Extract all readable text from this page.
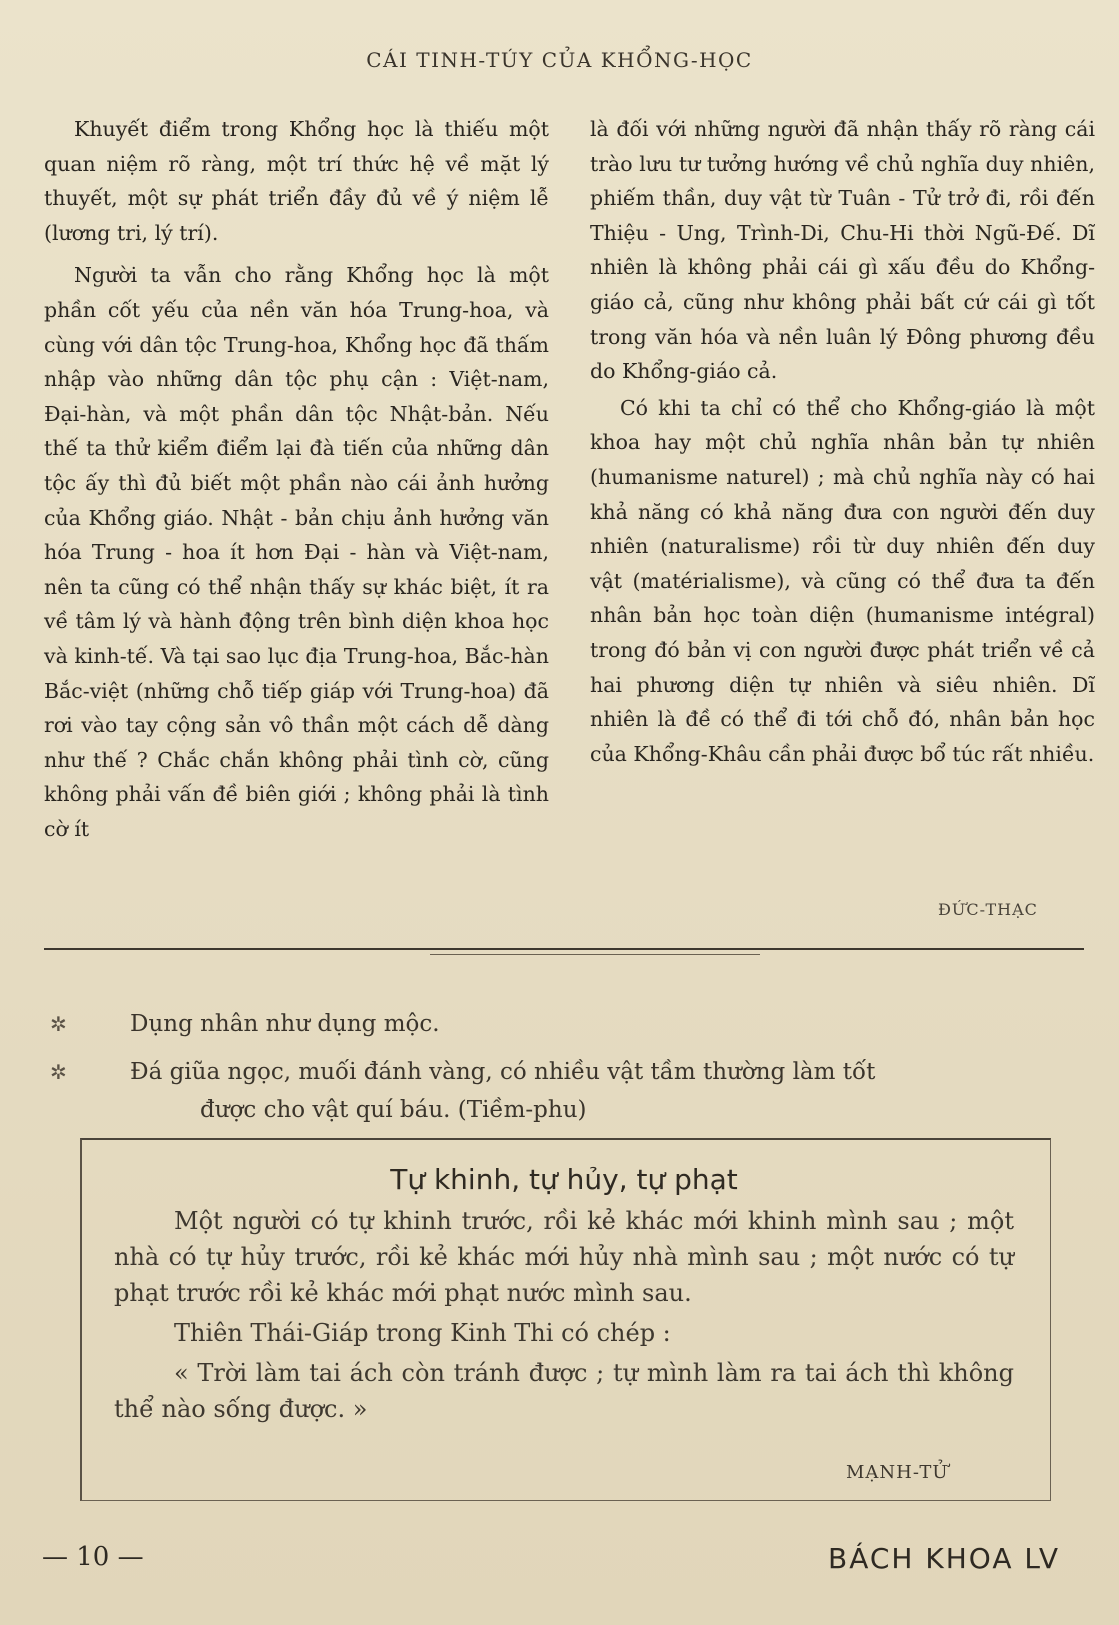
CÁI TINH-TÚY CỦA KHỔNG-HỌC

Khuyết điểm trong Khổng học là thiếu một quan niệm rõ ràng, một trí thức hệ về mặt lý thuyết, một sự phát triển đầy đủ về ý niệm lễ (lương tri, lý trí).

Người ta vẫn cho rằng Khổng học là một phần cốt yếu của nền văn hóa Trung-hoa, và cùng với dân tộc Trung-hoa, Khổng học đã thấm nhập vào những dân tộc phụ cận : Việt-nam, Đại-hàn, và một phần dân tộc Nhật-bản. Nếu thế ta thử kiểm điểm lại đà tiến của những dân tộc ấy thì đủ biết một phần nào cái ảnh hưởng của Khổng giáo. Nhật - bản chịu ảnh hưởng văn hóa Trung - hoa ít hơn Đại - hàn và Việt-nam, nên ta cũng có thể nhận thấy sự khác biệt, ít ra về tâm lý và hành động trên bình diện khoa học và kinh-tế. Và tại sao lục địa Trung-hoa, Bắc-hàn Bắc-việt (những chỗ tiếp giáp với Trung-hoa) đã rơi vào tay cộng sản vô thần một cách dễ dàng như thế ? Chắc chắn không phải tình cờ, cũng không phải vấn đề biên giới ; không phải là tình cờ ít

là đối với những người đã nhận thấy rõ ràng cái trào lưu tư tưởng hướng về chủ nghĩa duy nhiên, phiếm thần, duy vật từ Tuân - Tử trở đi, rồi đến Thiệu - Ung, Trình-Di, Chu-Hi thời Ngũ-Đế. Dĩ nhiên là không phải cái gì xấu đều do Khổng-giáo cả, cũng như không phải bất cứ cái gì tốt trong văn hóa và nền luân lý Đông phương đều do Khổng-giáo cả.

Có khi ta chỉ có thể cho Khổng-giáo là một khoa hay một chủ nghĩa nhân bản tự nhiên (humanisme naturel) ; mà chủ nghĩa này có hai khả năng có khả năng đưa con người đến duy nhiên (naturalisme) rồi từ duy nhiên đến duy vật (matérialisme), và cũng có thể đưa ta đến nhân bản học toàn diện (humanisme intégral) trong đó bản vị con người được phát triển về cả hai phương diện tự nhiên và siêu nhiên. Dĩ nhiên là đề có thể đi tới chỗ đó, nhân bản học của Khổng-Khâu cần phải được bổ túc rất nhiều.

ĐỨC-THẠC
✲	Dụng nhân như dụng mộc.
✲	Đá giũa ngọc, muối đánh vàng, có nhiều vật tầm thường làm tốt
được cho vật quí báu. (Tiềm-phu)
Tự khinh, tự hủy, tự phạt

Một người có tự khinh trước, rồi kẻ khác mới khinh mình sau ; một nhà có tự hủy trước, rồi kẻ khác mới hủy nhà mình sau ; một nước có tự phạt trước rồi kẻ khác mới phạt nước mình sau.

Thiên Thái-Giáp trong Kinh Thi có chép :

« Trời làm tai ách còn tránh được ; tự mình làm ra tai ách thì không thể nào sống được. »

MẠNH-TỬ
— 10 —	BÁCH KHOA LV
